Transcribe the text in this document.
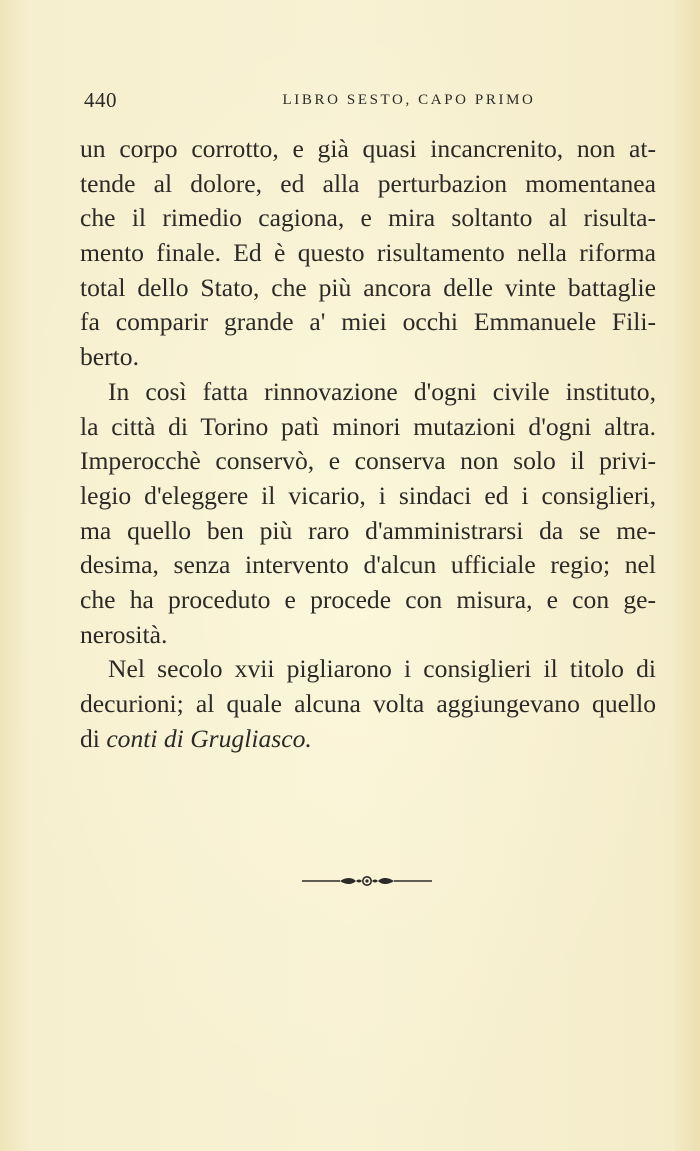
440	LIBRO SESTO, CAPO PRIMO
un corpo corrotto, e già quasi incancrenito, non at-
tende al dolore, ed alla perturbazion momentanea
che il rimedio cagiona, e mira soltanto al risulta-
mento finale. Ed è questo risultamento nella riforma
total dello Stato, che più ancora delle vinte battaglie
fa comparir grande a' miei occhi Emmanuele Fili-
berto.
In così fatta rinnovazione d'ogni civile instituto,
la città di Torino patì minori mutazioni d'ogni altra.
Imperocchè conservò, e conserva non solo il privi-
legio d'eleggere il vicario, i sindaci ed i consiglieri,
ma quello ben più raro d'amministrarsi da se me-
desima, senza intervento d'alcun ufficiale regio; nel
che ha proceduto e procede con misura, e con ge-
nerosità.
Nel secolo xvii pigliarono i consiglieri il titolo di
decurioni; al quale alcuna volta aggiungevano quello
di conti di Grugliasco.
